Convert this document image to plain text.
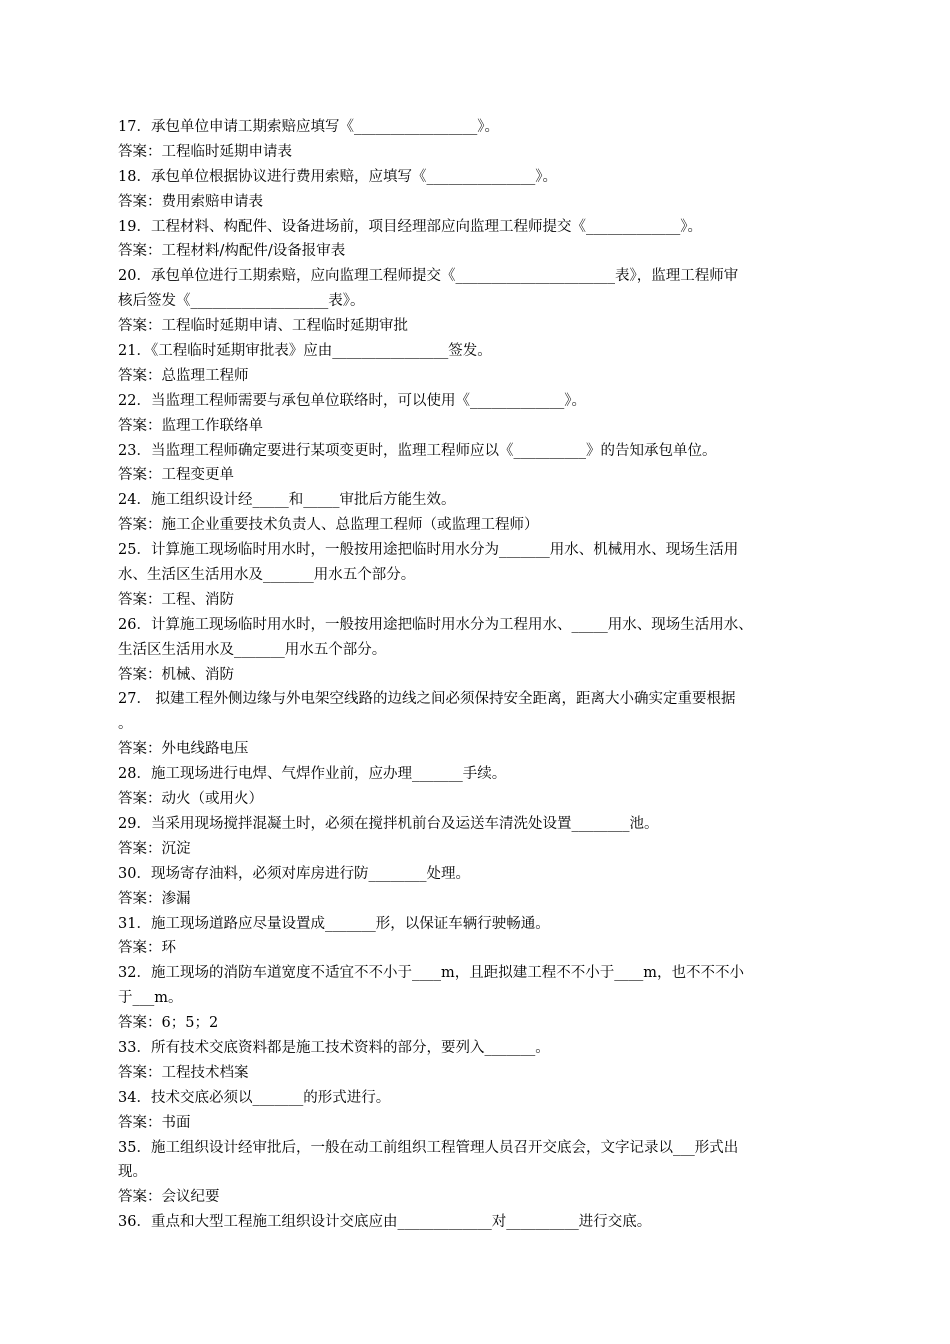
17．承包单位申请工期索赔应填写《_________________》。
答案：工程临时延期申请表
18．承包单位根据协议进行费用索赔，应填写《_______________》。
答案：费用索赔申请表
19．工程材料、构配件、设备进场前，项目经理部应向监理工程师提交《_____________》。
答案：工程材料/构配件/设备报审表
20．承包单位进行工期索赔，应向监理工程师提交《______________________表》，监理工程师审
核后签发《___________________表》。
答案：工程临时延期申请、工程临时延期审批
21．《工程临时延期审批表》应由________________签发。
答案：总监理工程师
22．当监理工程师需要与承包单位联络时，可以使用《_____________》。
答案：监理工作联络单
23．当监理工程师确定要进行某项变更时，监理工程师应以《__________》的告知承包单位。
答案：工程变更单
24．施工组织设计经_____和_____审批后方能生效。
答案：施工企业重要技术负责人、总监理工程师（或监理工程师）
25．计算施工现场临时用水时，一般按用途把临时用水分为_______用水、机械用水、现场生活用
水、生活区生活用水及_______用水五个部分。
答案：工程、消防
26．计算施工现场临时用水时，一般按用途把临时用水分为工程用水、_____用水、现场生活用水、
生活区生活用水及_______用水五个部分。
答案：机械、消防
27． 拟建工程外侧边缘与外电架空线路的边线之间必须保持安全距离，距离大小确实定重要根据
。
答案：外电线路电压
28．施工现场进行电焊、气焊作业前，应办理_______手续。
答案：动火（或用火）
29．当采用现场搅拌混凝土时，必须在搅拌机前台及运送车清洗处设置________池。
答案：沉淀
30．现场寄存油料，必须对库房进行防________处理。
答案：渗漏
31．施工现场道路应尽量设置成_______形，以保证车辆行驶畅通。
答案：环
32．施工现场的消防车道宽度不适宜不不小于____m，且距拟建工程不不小于____m，也不不不小
于___m。
答案：6；5；2
33．所有技术交底资料都是施工技术资料的部分，要列入_______。
答案：工程技术档案
34．技术交底必须以_______的形式进行。
答案：书面
35．施工组织设计经审批后，一般在动工前组织工程管理人员召开交底会，文字记录以___形式出
现。
答案：会议纪要
36．重点和大型工程施工组织设计交底应由_____________对__________进行交底。
